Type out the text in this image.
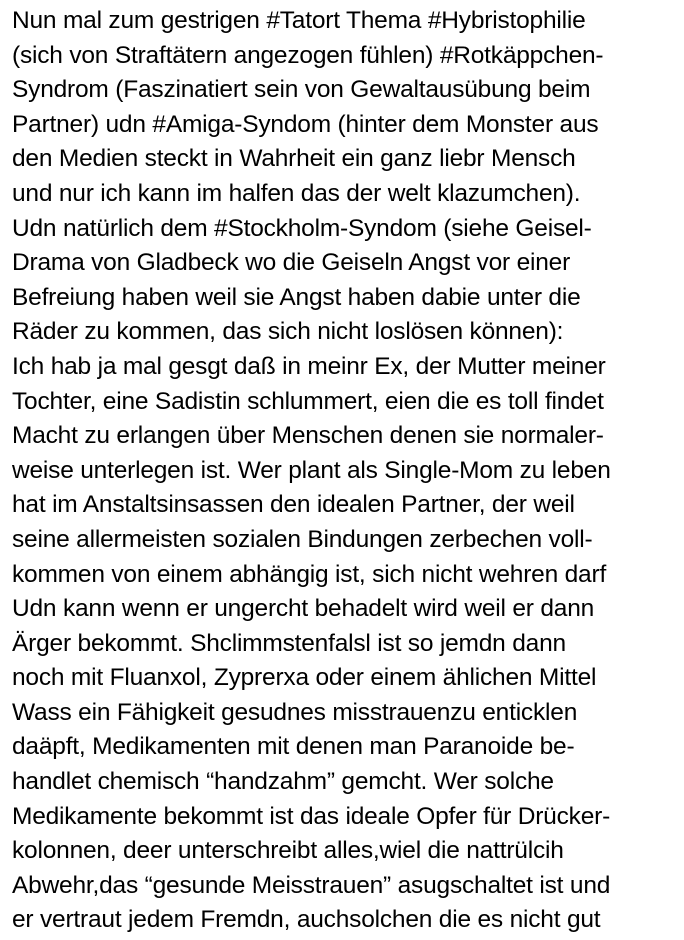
Nun mal zum gestrigen #Tatort Thema #Hybristophilie
(sich von Straftätern angezogen fühlen) #Rotkäppchen-
Syndrom (Faszinatiert sein von Gewaltausübung beim
Partner) udn #Amiga-Syndom (hinter dem Monster aus
den Medien steckt in Wahrheit ein ganz liebr Mensch
und nur ich kann im halfen das der welt klazumchen).
Udn natürlich dem #Stockholm-Syndom (siehe Geisel-
Drama von Gladbeck wo die Geiseln Angst vor einer
Befreiung haben weil sie Angst haben dabie unter die
Räder zu kommen, das sich nicht loslösen können):
Ich hab ja mal gesgt daß in meinr Ex, der Mutter meiner
Tochter, eine Sadistin schlummert, eien die es toll findet
Macht zu erlangen über Menschen denen sie normaler-
weise unterlegen ist. Wer plant als Single-Mom zu leben
hat im Anstaltsinsassen den idealen Partner, der weil
seine allermeisten sozialen Bindungen zerbechen voll-
kommen von einem abhängig ist, sich nicht wehren darf
Udn kann wenn er ungercht behadelt wird weil er dann
Ärger bekommt. Shclimmstenfalsl ist so jemdn dann
noch mit Fluanxol, Zyprerxa oder einem ählichen Mittel
Wass ein Fähigkeit gesudnes misstrauenzu enticklen
daäpft, Medikamenten mit denen man Paranoide be-
handlet chemisch “handzahm” gemcht. Wer solche
Medikamente bekommt ist das ideale Opfer für Drücker-
kolonnen, deer unterschreibt alles,wiel die nattrülcih
Abwehr,das “gesunde Meisstrauen” asugschaltet ist und
er vertraut jedem Fremdn, auchsolchen die es nicht gut
